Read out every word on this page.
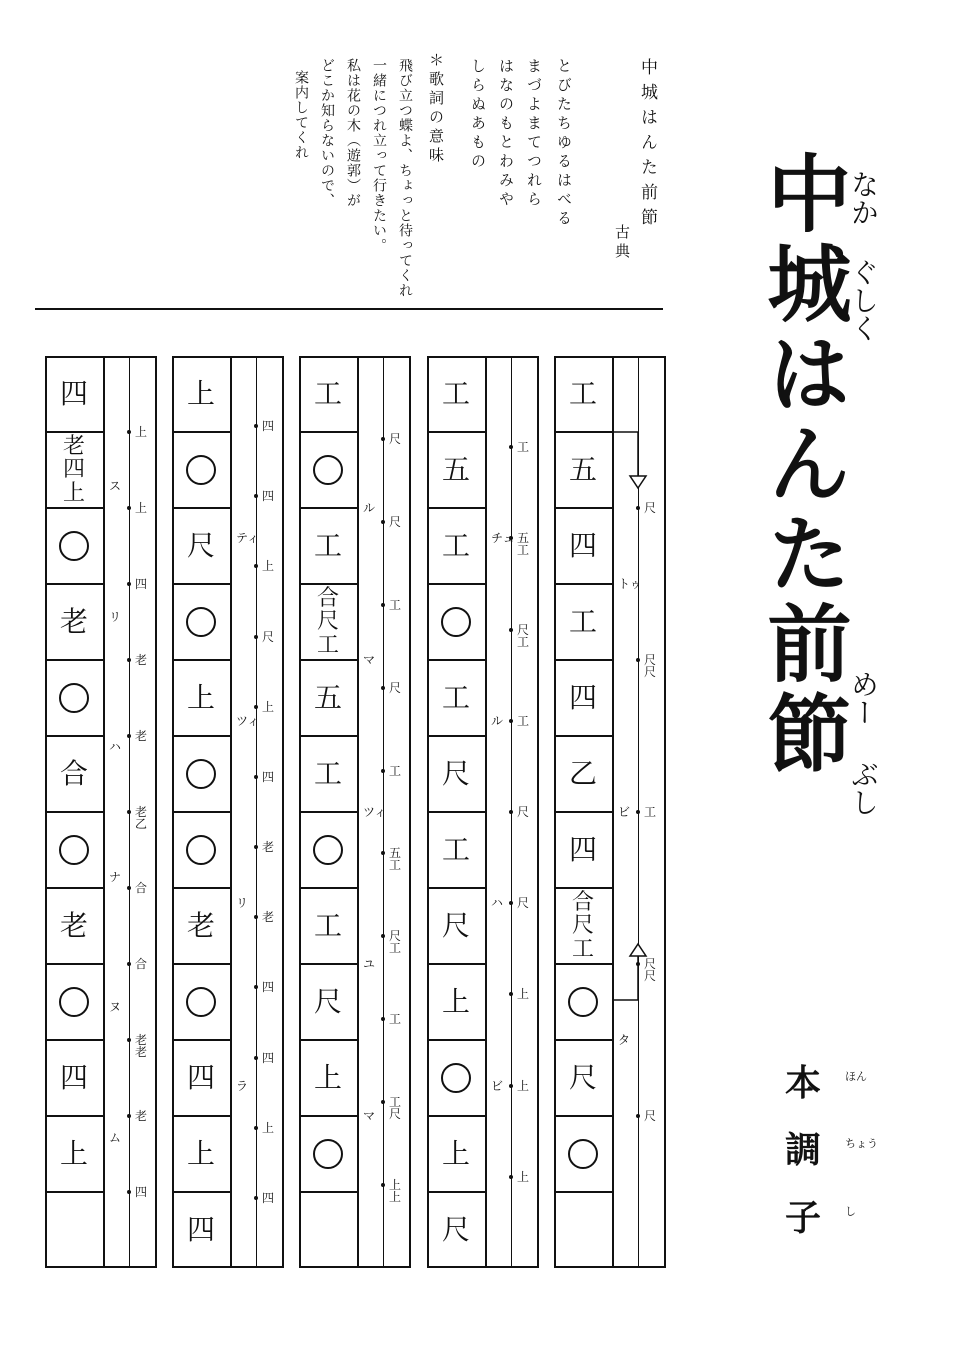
中城はんた前節
古典
とびたちゆるはべる
まづよまてつれら
はなのもとわみや
しらぬあもの
＊歌詞の意味
飛び立つ蝶よ、ちょっと待ってくれ
一緒につれ立って行きたい。
私は花の木（遊郭）が
どこか知らないので、
案内してくれ
中城はんた前節
なか
ぐしく
めー
ぶし
本
調
子
ほん
ちょう
し
工
五
四
工
四
乙
四
合
尺
工
尺
尺
尺尺
工
尺尺
尺
トゥ
ビ
タ
工
五
工
工
尺
工
尺
上
上
尺
工
五工
尺工
工
尺
尺
上
上
上
チュ
ル
ハ
ビ
工
工
合
尺
工
五
工
工
尺
上
尺
尺
工
尺
工
五工
尺工
工
工尺
上上
ル
マ
ツィ
ユ
マ
上
尺
上
老
四
上
四
四
四
上
尺
上
四
老
老
四
四
上
四
ティ
ツィ
リ
ラ
四
老
四
上
老
合
老
四
上
上
上
四
老
老
老乙
合
合
老老
老
四
ス
リ
ハ
ナ
ヌ
ム
